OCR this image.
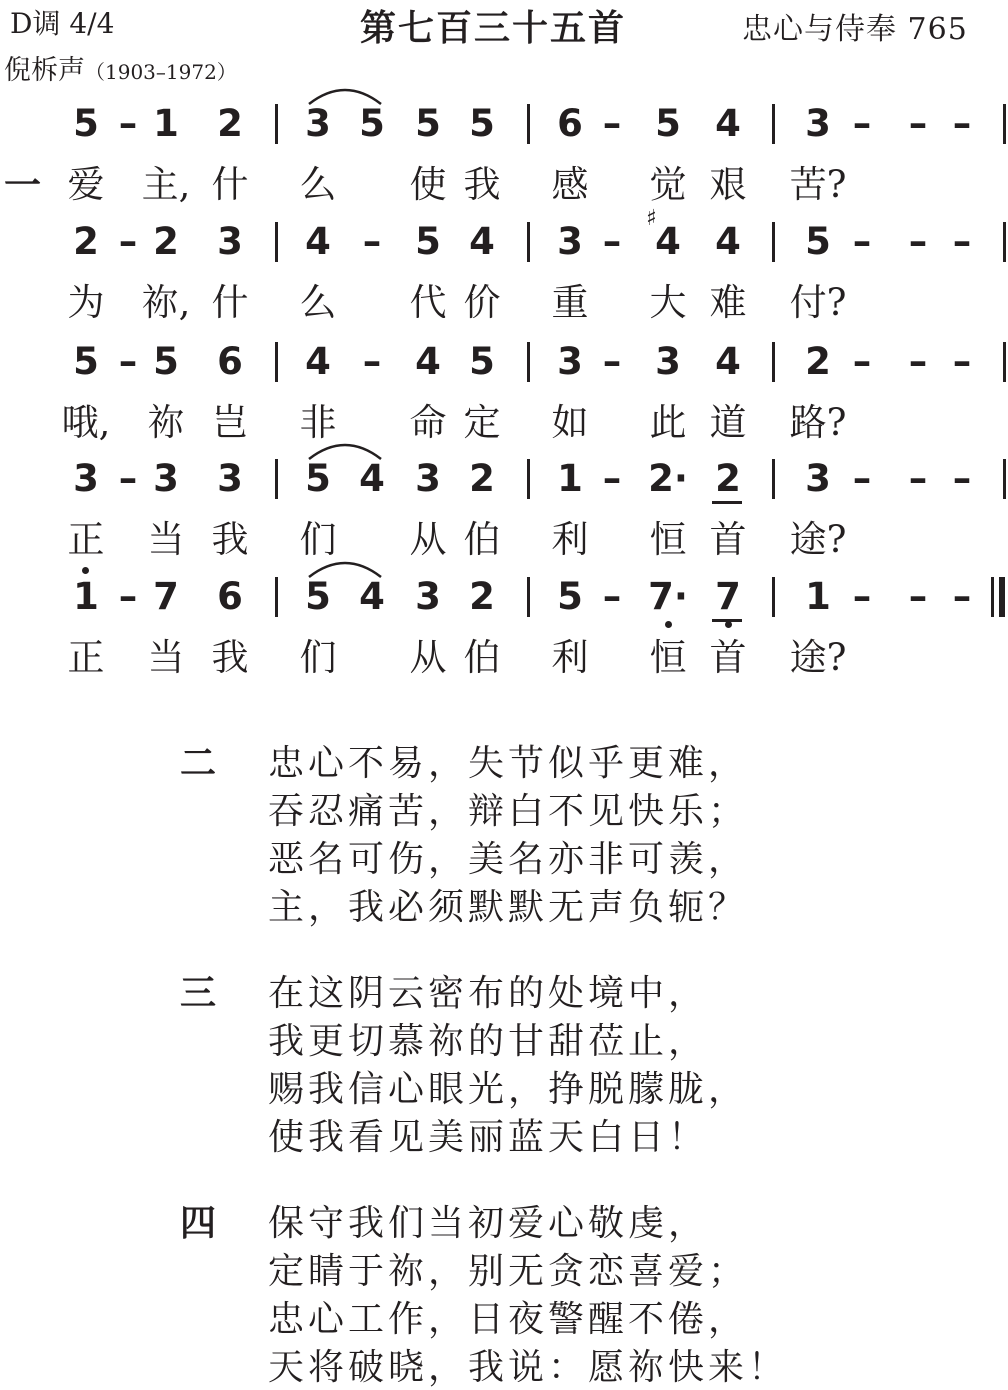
D调 4/4
倪柝声（1903–1972）
第七百三十五首	忠心与侍奉 765
5 – 1 2 3 5 5 5 6 – 5 4 3 – – –
爱 主, 什 么 使 我 感 觉 艰 苦?
2 – 2 3 4 – 5 4 3 – 4 4 5 – – –
为 祢, 什 么 代 价 重 大 难 付?
5 – 5 6 4 – 4 5 3 – 3 4 2 – – –
哦, 祢 岂 非 命 定 如 此 道 路?
3 – 3 3 5 4 3 2 1 – 2· 2 3 – – –
正 当 我 们 从 伯 利 恒 首 途?
1 – 7 6 5 4 3 2 5 – 7· 7 1 – – –
正 当 我 们 从 伯 利 恒 首 途?
♯
一
二 忠心不易，失节似乎更难，
吞忍痛苦，辩白不见快乐；
恶名可伤，美名亦非可羡，
主，我必须默默无声负轭？
三 在这阴云密布的处境中，
我更切慕祢的甘甜莅止，
赐我信心眼光，挣脱朦胧，
使我看见美丽蓝天白日！
四 保守我们当初爱心敬虔，
定睛于祢，别无贪恋喜爱；
忠心工作，日夜警醒不倦，
天将破晓，我说：愿祢快来！
